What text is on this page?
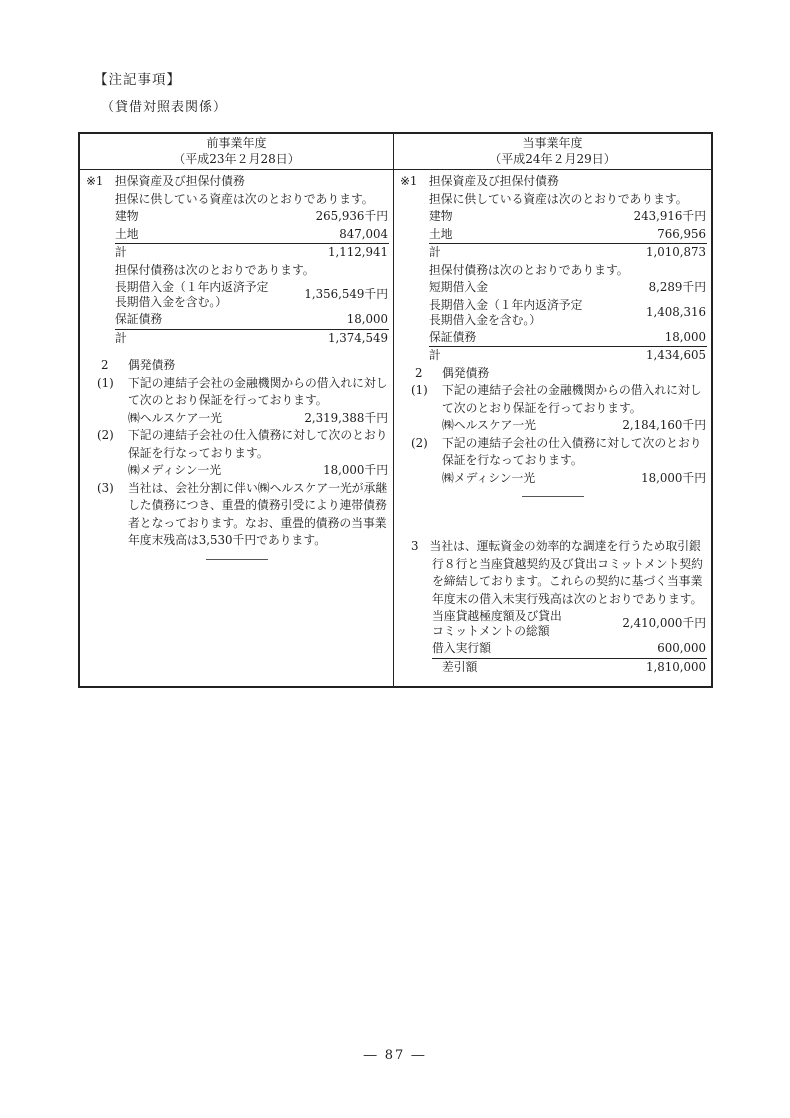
【注記事項】
（貸借対照表関係）
前事業年度
（平成23年２月28日）
当事業年度
（平成24年２月29日）
※1 担保資産及び担保付債務
担保に供している資産は次のとおりであります。
建物	265,936千円
土地	847,004
計	1,112,941
担保付債務は次のとおりであります。
長期借入金（１年内返済予定
長期借入金を含む。）
1,356,549千円
保証債務	18,000
計	1,374,549
2	偶発債務
(1)	下記の連結子会社の金融機関からの借入れに対して次のとおり保証を行っております。
㈱ヘルスケア一光	2,319,388千円
(2)	下記の連結子会社の仕入債務に対して次のとおり保証を行なっております。
㈱メディシン一光	18,000千円
(3)	当社は、会社分割に伴い㈱ヘルスケア一光が承継した債務につき、重畳的債務引受により連帯債務者となっております。なお、重畳的債務の当事業年度末残高は3,530千円であります。
※1 担保資産及び担保付債務
担保に供している資産は次のとおりであります。
建物	243,916千円
土地	766,956
計	1,010,873
担保付債務は次のとおりであります。
短期借入金	8,289千円
長期借入金（１年内返済予定
長期借入金を含む。）
1,408,316
保証債務	18,000
計	1,434,605
2	偶発債務
(1)	下記の連結子会社の金融機関からの借入れに対して次のとおり保証を行っております。
㈱ヘルスケア一光	2,184,160千円
(2)	下記の連結子会社の仕入債務に対して次のとおり保証を行なっております。
㈱メディシン一光	18,000千円
3 当社は、運転資金の効率的な調達を行うため取引銀行８行と当座貸越契約及び貸出コミットメント契約を締結しております。これらの契約に基づく当事業年度末の借入未実行残高は次のとおりであります。
当座貸越極度額及び貸出
コミットメントの総額
2,410,000千円
借入実行額	600,000
差引額	1,810,000
― 87 ―
